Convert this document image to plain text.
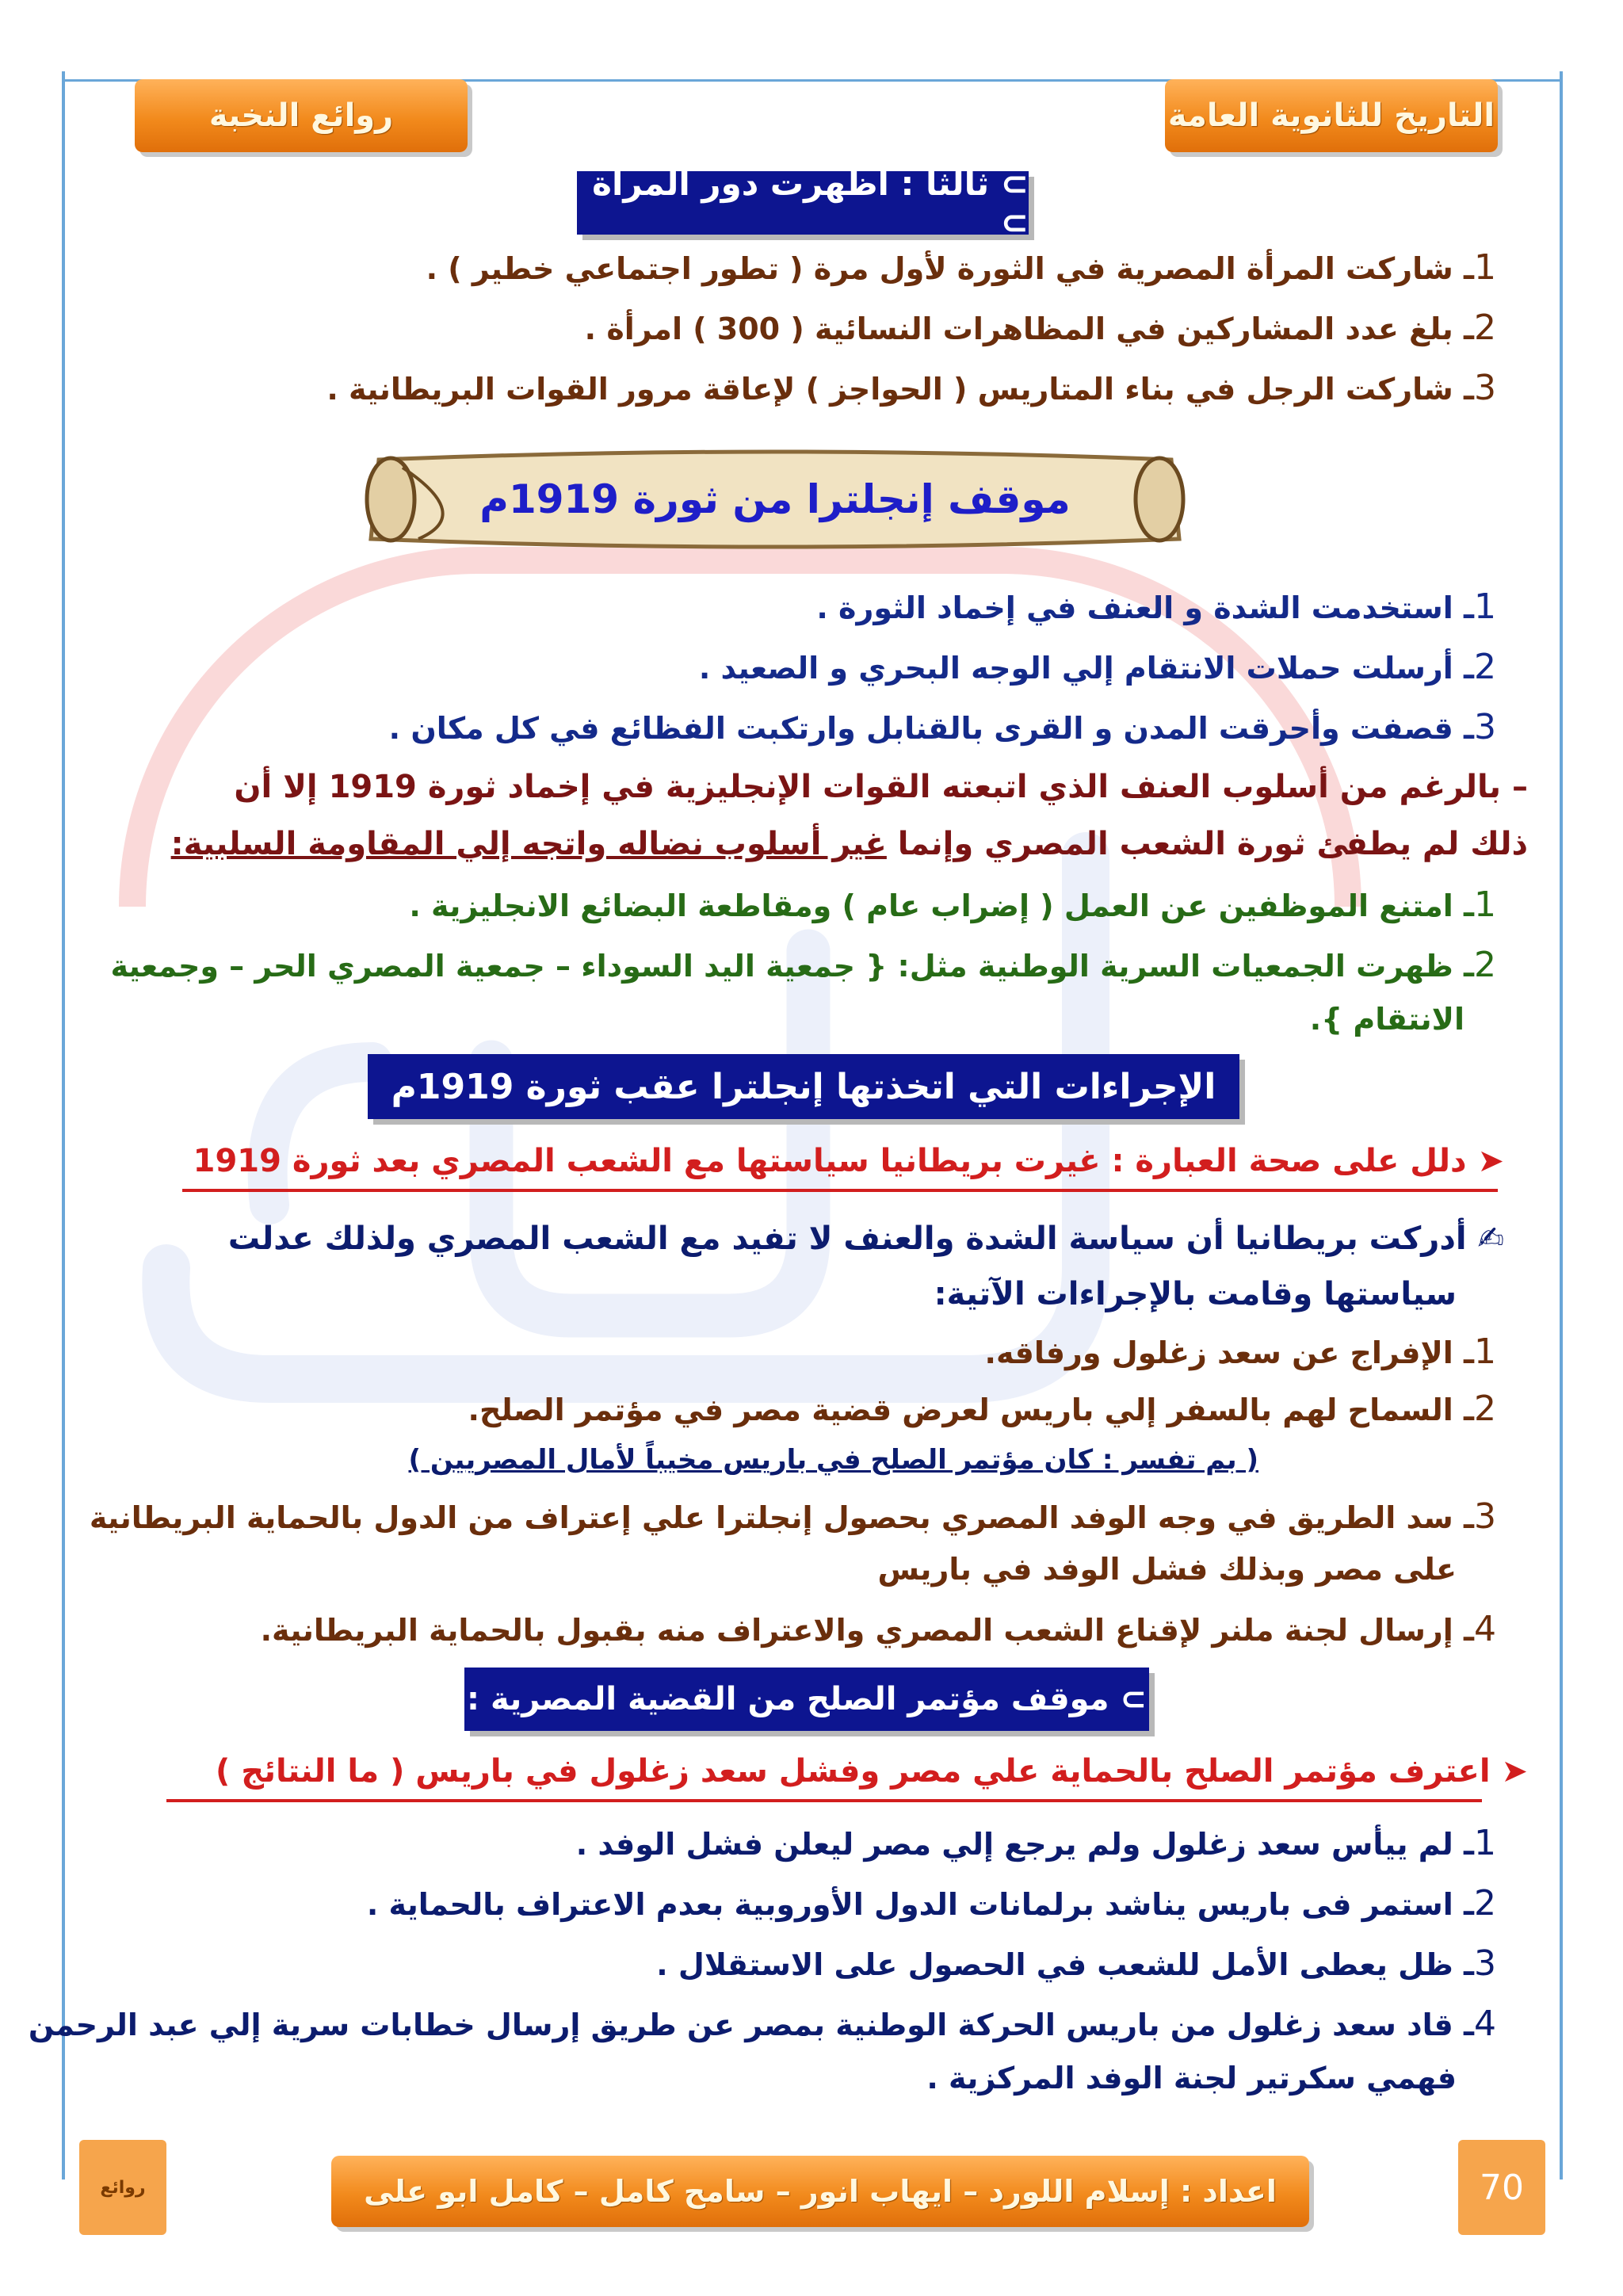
روائع النخبة	التاريخ للثانوية العامة
⊃ ثالثاً : أظهرت دور المرأة ⊃
1ـ شاركت المرأة المصرية في الثورة لأول مرة ( تطور اجتماعي خطير ) .
2ـ بلغ عدد المشاركين في المظاهرات النسائية ( 300 ) امرأة .
3ـ شاركت الرجل في بناء المتاريس ( الحواجز ) لإعاقة مرور القوات البريطانية .
موقف إنجلترا من ثورة 1919م
1ـ استخدمت الشدة و العنف في إخماد الثورة .
2ـ أرسلت حملات الانتقام إلي الوجه البحري و الصعيد .
3ـ قصفت وأحرقت المدن و القرى بالقنابل وارتكبت الفظائع في كل مكان .
– بالرغم من أسلوب العنف الذي اتبعته القوات الإنجليزية في إخماد ثورة 1919 إلا أن
ذلك لم يطفئ ثورة الشعب المصري وإنما غير أسلوب نضاله واتجه إلي المقاومة السلبية:
1ـ امتنع الموظفين عن العمل ( إضراب عام ) ومقاطعة البضائع الانجليزية .
2ـ ظهرت الجمعيات السرية الوطنية مثل: { جمعية اليد السوداء – جمعية المصري الحر – وجمعية
الانتقام }.
الإجراءات التي اتخذتها إنجلترا عقب ثورة 1919م
➤ دلل على صحة العبارة : غيرت بريطانيا سياستها مع الشعب المصري بعد ثورة 1919
✍ أدركت بريطانيا أن سياسة الشدة والعنف لا تفيد مع الشعب المصري ولذلك عدلت
سياستها وقامت بالإجراءات الآتية:
1ـ الإفراج عن سعد زغلول ورفاقه.
2ـ السماح لهم بالسفر إلي باريس لعرض قضية مصر في مؤتمر الصلح.
( بم تفسر : كان مؤتمر الصلح في باريس مخيباً لأمال المصريين )
3ـ سد الطريق في وجه الوفد المصري بحصول إنجلترا علي إعتراف من الدول بالحماية البريطانية
على مصر وبذلك فشل الوفد في باريس
4ـ إرسال لجنة ملنر لإقناع الشعب المصري والاعتراف منه بقبول بالحماية البريطانية.
⊃ موقف مؤتمر الصلح من القضية المصرية :
➤ اعترف مؤتمر الصلح بالحماية علي مصر وفشل سعد زغلول في باريس ( ما النتائج )
1ـ لم ييأس سعد زغلول ولم يرجع إلي مصر ليعلن فشل الوفد .
2ـ استمر فى باريس يناشد برلمانات الدول الأوروبية بعدم الاعتراف بالحماية .
3ـ ظل يعطى الأمل للشعب في الحصول على الاستقلال .
4ـ قاد سعد زغلول من باريس الحركة الوطنية بمصر عن طريق إرسال خطابات سرية إلي عبد الرحمن
فهمي سكرتير لجنة الوفد المركزية .
روائع	اعداد : إسلام اللورد – ايهاب انور – سامح كامل – كامل ابو على	70
